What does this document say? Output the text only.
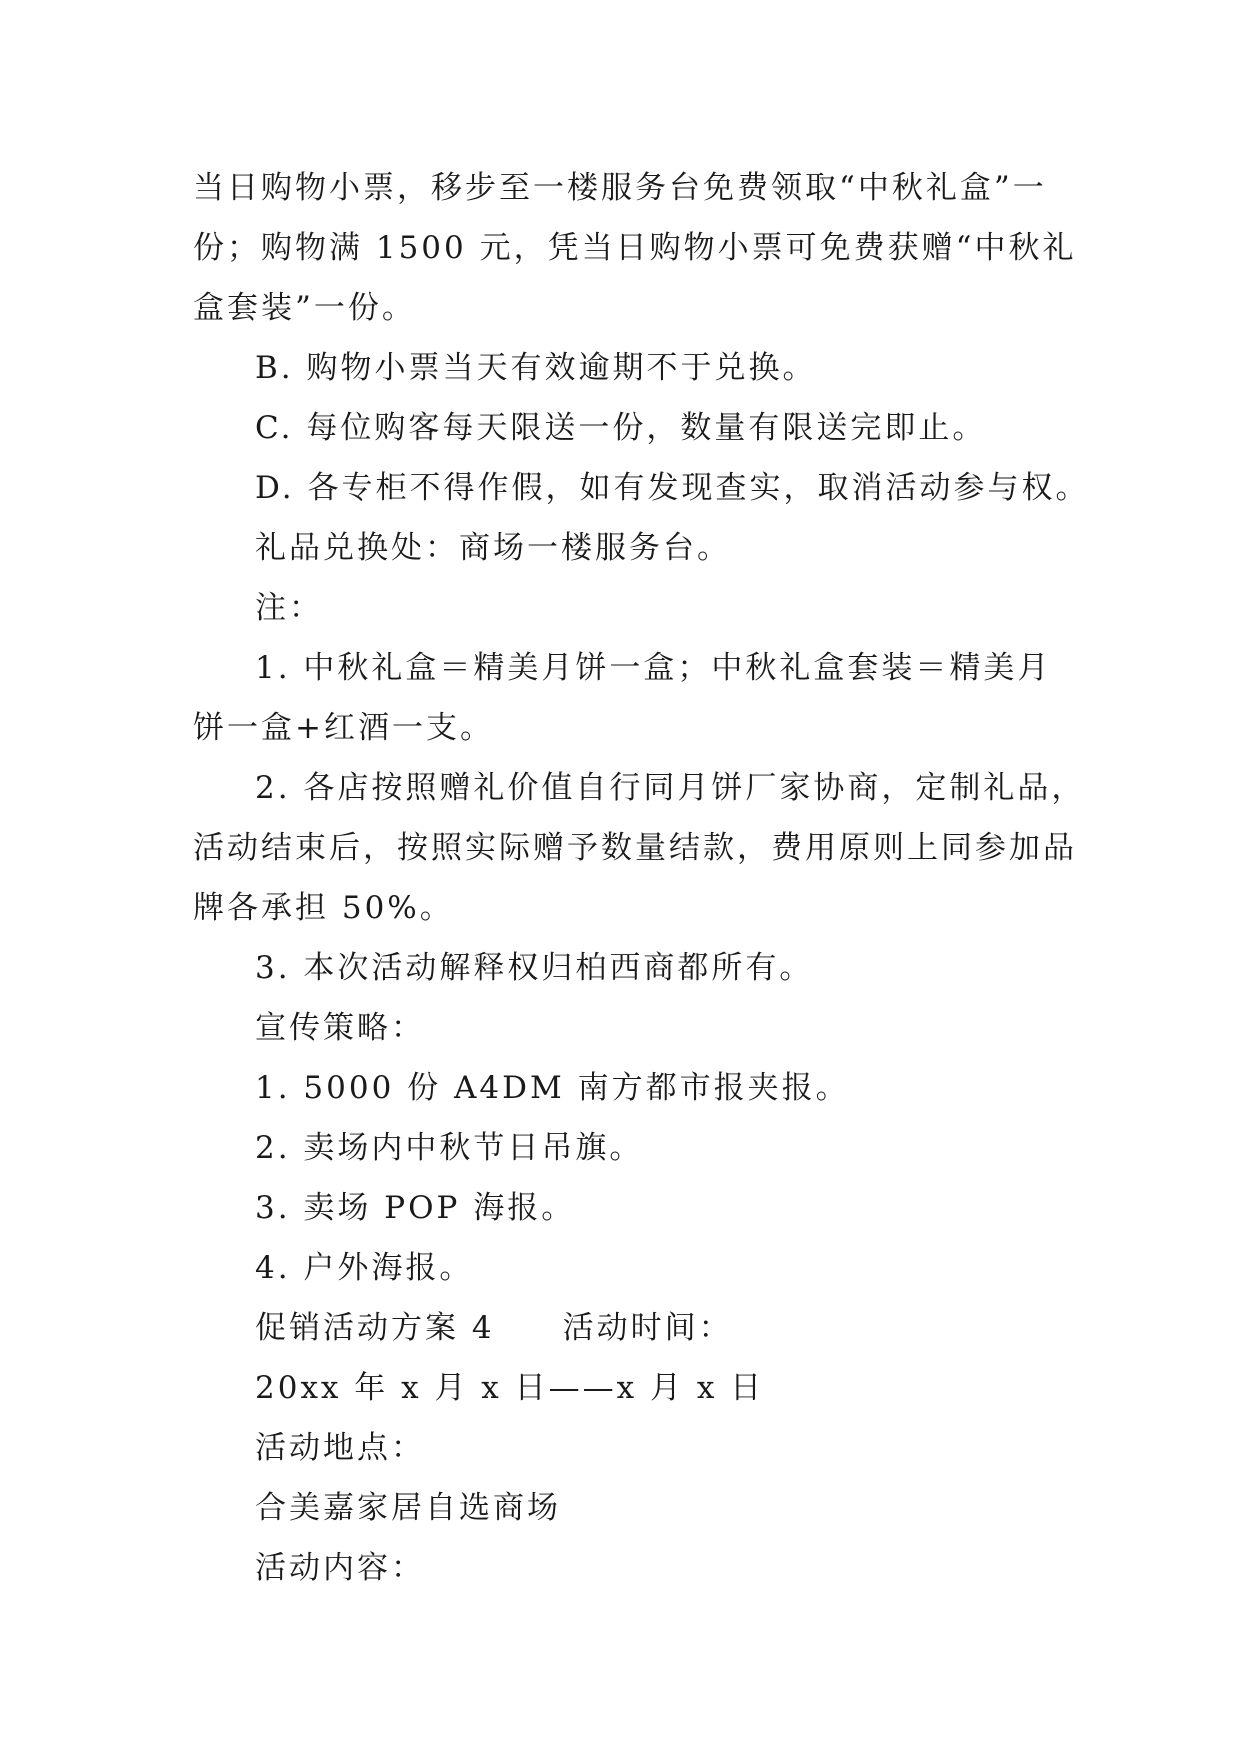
当日购物小票，移步至一楼服务台免费领取“中秋礼盒”一
份；购物满 1500 元，凭当日购物小票可免费获赠“中秋礼
盒套装”一份。
B. 购物小票当天有效逾期不于兑换。
C. 每位购客每天限送一份，数量有限送完即止。
D. 各专柜不得作假，如有发现查实，取消活动参与权。
礼品兑换处：商场一楼服务台。
注：
1. 中秋礼盒＝精美月饼一盒；中秋礼盒套装＝精美月
饼一盒+红酒一支。
2. 各店按照赠礼价值自行同月饼厂家协商，定制礼品，
活动结束后，按照实际赠予数量结款，费用原则上同参加品
牌各承担 50%。
3. 本次活动解释权归柏西商都所有。
宣传策略：
1. 5000 份 A4DM 南方都市报夹报。
2. 卖场内中秋节日吊旗。
3. 卖场 POP 海报。
4. 户外海报。
促销活动方案 4　　活动时间：
20xx 年 x 月 x 日——x 月 x 日
活动地点：
合美嘉家居自选商场
活动内容：
